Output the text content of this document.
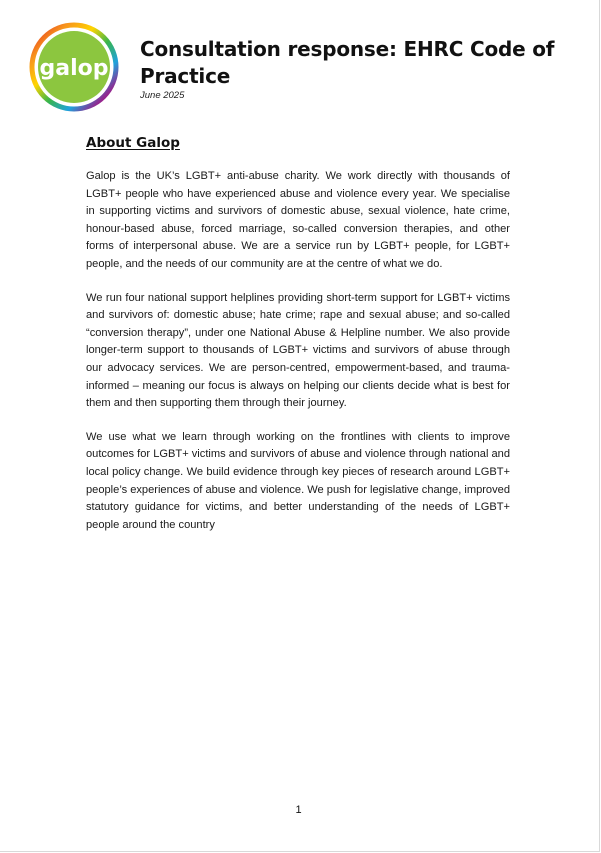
galop
Consultation response: EHRC Code of Practice
June 2025
About Galop

Galop is the UK’s LGBT+ anti-abuse charity. We work directly with thousands of LGBT+ people who have experienced abuse and violence every year. We specialise in supporting victims and survivors of domestic abuse, sexual violence, hate crime, honour-based abuse, forced marriage, so-called conversion therapies, and other forms of interpersonal abuse. We are a service run by LGBT+ people, for LGBT+ people, and the needs of our community are at the centre of what we do.

We run four national support helplines providing short-term support for LGBT+ victims and survivors of: domestic abuse; hate crime; rape and sexual abuse; and so-called “conversion therapy”, under one National Abuse & Helpline number. We also provide longer-term support to thousands of LGBT+ victims and survivors of abuse through our advocacy services. We are person-centred, empowerment-based, and trauma-informed – meaning our focus is always on helping our clients decide what is best for them and then supporting them through their journey.

We use what we learn through working on the frontlines with clients to improve outcomes for LGBT+ victims and survivors of abuse and violence through national and local policy change. We build evidence through key pieces of research around LGBT+ people’s experiences of abuse and violence. We push for legislative change, improved statutory guidance for victims, and better understanding of the needs of LGBT+ people around the country

1
